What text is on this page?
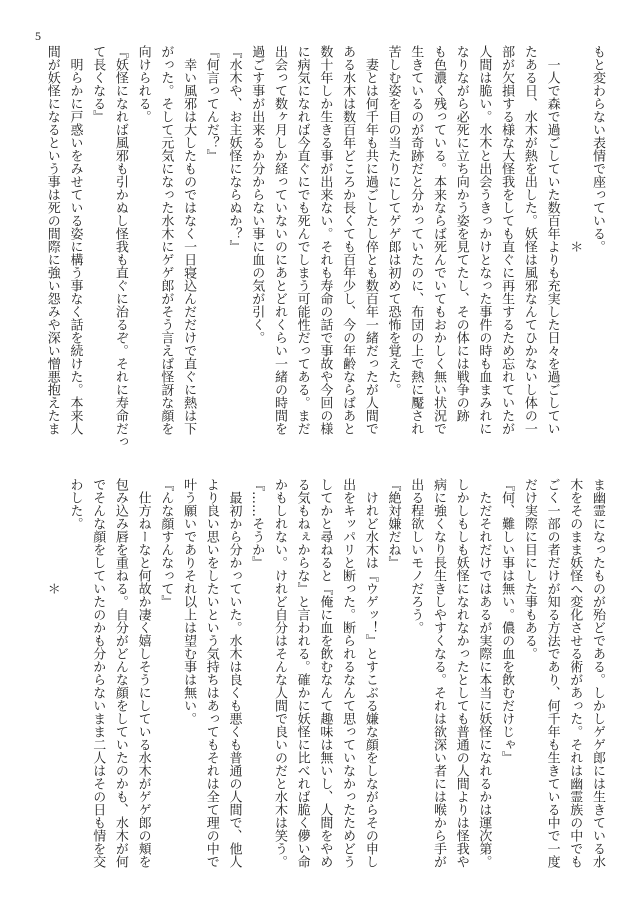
5
もと変わらない表情で座っている。
＊
　一人で森で過ごしていた数百年よりも充実した日々を過ごしてい
たある日、水木が熱を出した。妖怪は風邪なんてひかないし体の一
部が欠損する様な大怪我をしても直ぐに再生するため忘れていたが
人間は脆い。水木と出会うきっかけとなった事件の時も血まみれに
なりながら必死に立ち向かう姿を見てたし、その体には戦争の跡
も色濃く残っている。本来ならば死んでいてもおかしく無い状況で
生きているのが奇跡だと分かっていたのに、布団の上で熱に魘され
苦しむ姿を目の当たりにしてゲゲ郎は初めて恐怖を覚えた。
　妻とは何千年も共に過ごしたし倅とも数百年一緒だったが人間で
ある水木は数百年どころか長くても百年少し、今の年齢ならばあと
数十年しか生きる事が出来ない。それも寿命の話で事故や今回の様
に病気になれば今直ぐにでも死んでしまう可能性だってある。まだ
出会って数ヶ月しか経っていないのにあとどれくらい一緒の時間を
過ごす事が出来るか分からない事に血の気が引く。
『水木や、お主妖怪にならぬか？』
『何言ってんだ？』
　幸い風邪は大したものではなく一日寝込んだだけで直ぐに熱は下
がった。そして元気になった水木にゲゲ郎がそう言えば怪訝な顔を
向けられる。
『妖怪になれば風邪も引かぬし怪我も直ぐに治るぞ。それに寿命だっ
て長くなる』
　明らかに戸惑いをみせている姿に構う事なく話を続けた。本来人
間が妖怪になるという事は死の間際に強い怨みや深い憎悪抱えたま
ま幽霊になったものが殆どである。しかしゲゲ郎には生きている水
木をそのまま妖怪へ変化させる術があった。それは幽霊族の中でも
ごく一部の者だけが知る方法であり、何千年も生きている中で一度
だけ実際に目にした事もある。
『何、難しい事は無い。儂の血を飲むだけじゃ』
　ただそれだけではあるが実際に本当に妖怪になれるかは運次第。
しかしもしも妖怪になれなかったとしても普通の人間よりは怪我や
病に強くなり長生きしやすくなる。それは欲深い者には喉から手が
出る程欲しいモノだろう。
『絶対嫌だね』
　けれど水木は『ウゲッ！』とすこぶる嫌な顔をしながらその申し
出をキッパリと断った。断られるなんて思っていなかったためどう
してかと尋ねると『俺に血を飲むなんて趣味は無いし、人間をやめ
る気もねぇからな』と言われる。確かに妖怪に比べれば脆く儚い命
かもしれない。けれど自分はそんな人間で良いのだと水木は笑う。
『……そうか』
　最初から分かっていた。水木は良くも悪くも普通の人間で、他人
より良い思いをしたいという気持ちはあってもそれは全て理の中で
叶う願いでありそれ以上は望む事は無い。
『んな顔すんなって』
　仕方ねーなと何故か凄く嬉しそうにしている水木がゲゲ郎の頬を
包み込み唇を重ねる。自分がどんな顔をしていたのかも、水木が何
でそんな顔をしていたのかも分からないまま二人はその日も情を交
わした。
＊
